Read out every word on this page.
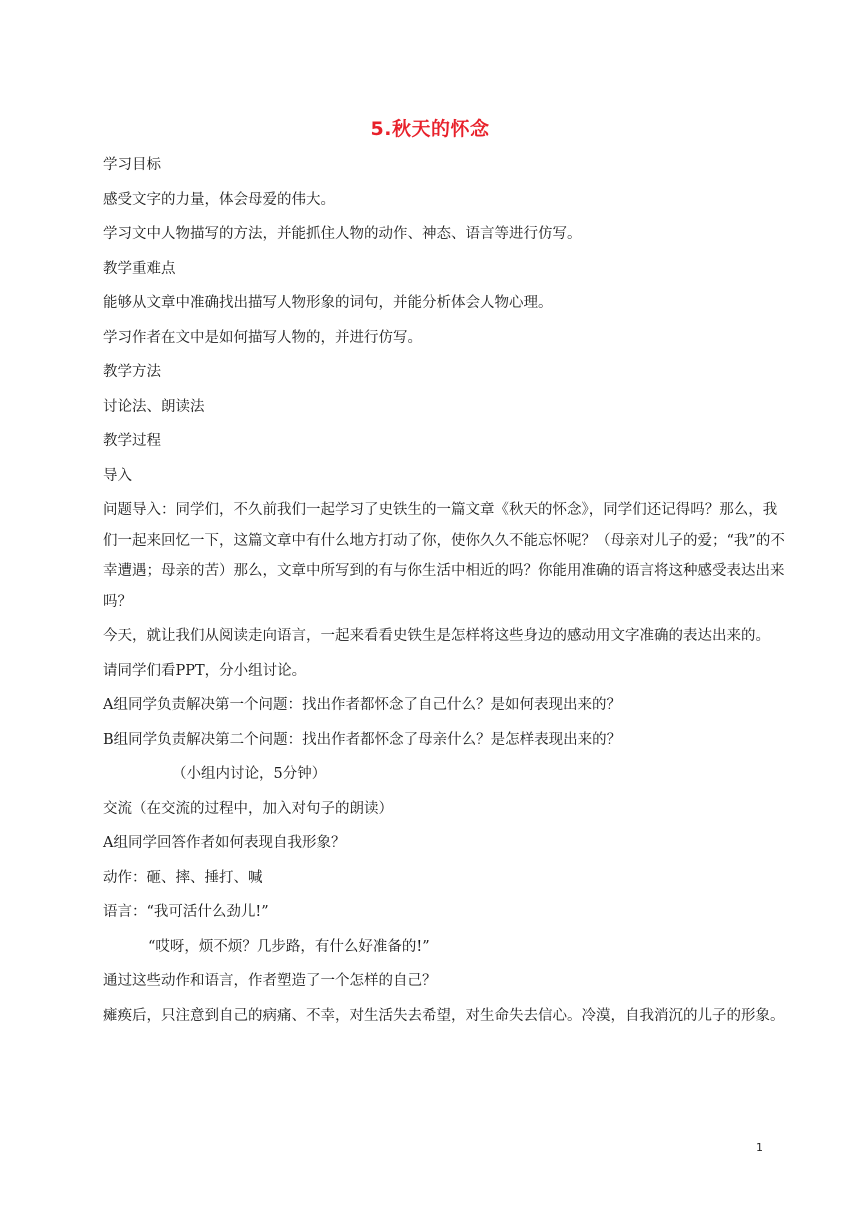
5.秋天的怀念

学习目标

感受文字的力量，体会母爱的伟大。

学习文中人物描写的方法，并能抓住人物的动作、神态、语言等进行仿写。

教学重难点

能够从文章中准确找出描写人物形象的词句，并能分析体会人物心理。

学习作者在文中是如何描写人物的，并进行仿写。

教学方法

讨论法、朗读法

教学过程

导入

问题导入：同学们，不久前我们一起学习了史铁生的一篇文章《秋天的怀念》，同学们还记得吗？那么，我们一起来回忆一下，这篇文章中有什么地方打动了你，使你久久不能忘怀呢？（母亲对儿子的爱；“我”的不幸遭遇；母亲的苦）那么，文章中所写到的有与你生活中相近的吗？你能用准确的语言将这种感受表达出来吗？

今天，就让我们从阅读走向语言，一起来看看史铁生是怎样将这些身边的感动用文字准确的表达出来的。

请同学们看PPT，分小组讨论。

A组同学负责解决第一个问题：找出作者都怀念了自己什么？是如何表现出来的？

B组同学负责解决第二个问题：找出作者都怀念了母亲什么？是怎样表现出来的？

（小组内讨论，5分钟）

交流（在交流的过程中，加入对句子的朗读）

A组同学回答作者如何表现自我形象？

动作：砸、摔、捶打、喊

语言：“我可活什么劲儿!”

“哎呀，烦不烦？几步路，有什么好准备的!”

通过这些动作和语言，作者塑造了一个怎样的自己？

瘫痪后，只注意到自己的病痛、不幸，对生活失去希望，对生命失去信心。冷漠，自我消沉的儿子的形象。

1
